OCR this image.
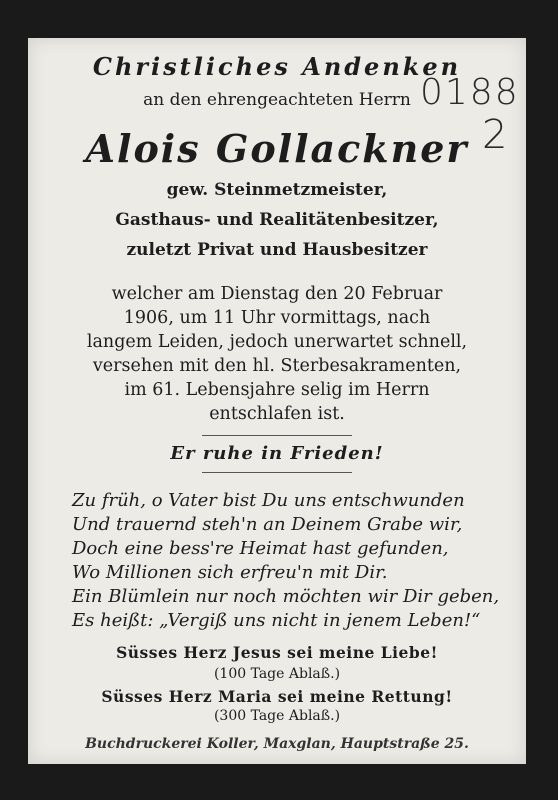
Christliches Andenken
an den ehrengeachteten Herrn
Alois Gollackner
gew. Steinmetzmeister,
Gasthaus- und Realitätenbesitzer,
zuletzt Privat und Hausbesitzer
welcher am Dienstag den 20 Februar
1906, um 11 Uhr vormittags, nach
langem Leiden, jedoch unerwartet schnell,
versehen mit den hl. Sterbesakramenten,
im 61. Lebensjahre selig im Herrn
entschlafen ist.
Er ruhe in Frieden!
Zu früh, o Vater bist Du uns entschwunden
Und trauernd steh'n an Deinem Grabe wir,
Doch eine bess're Heimat hast gefunden,
Wo Millionen sich erfreu'n mit Dir.
Ein Blümlein nur noch möchten wir Dir geben,
Es heißt: „Vergiß uns nicht in jenem Leben!“
Süsses Herz Jesus sei meine Liebe!
(100 Tage Ablaß.)
Süsses Herz Maria sei meine Rettung!
(300 Tage Ablaß.)
Buchdruckerei Koller, Maxglan, Hauptstraße 25.
0188
2
